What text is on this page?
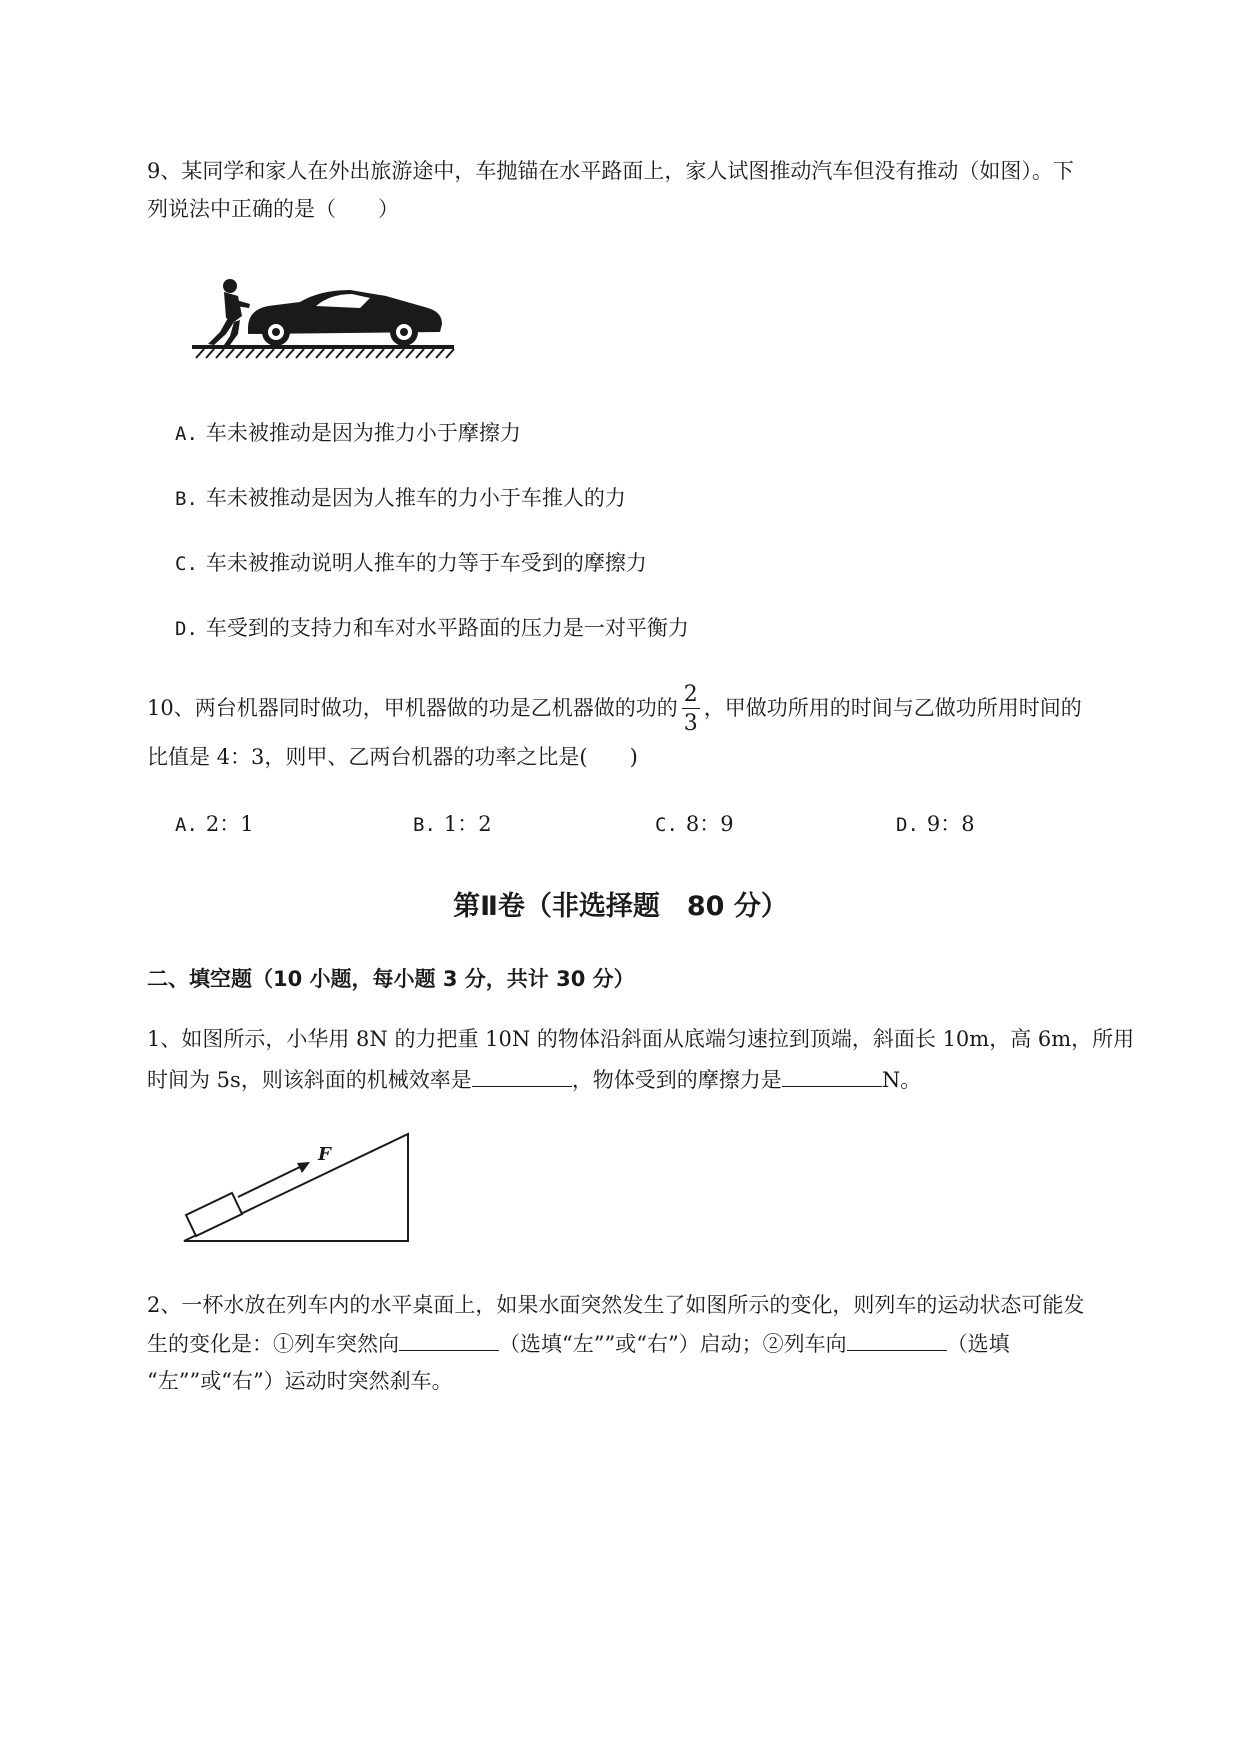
9、某同学和家人在外出旅游途中，车抛锚在水平路面上，家人试图推动汽车但没有推动（如图）。下
列说法中正确的是（　　）
A. 车未被推动是因为推力小于摩擦力
B. 车未被推动是因为人推车的力小于车推人的力
C. 车未被推动说明人推车的力等于车受到的摩擦力
D. 车受到的支持力和车对水平路面的压力是一对平衡力
10、两台机器同时做功，甲机器做的功是乙机器做的功的 $\frac{2}{3}$ ，甲做功所用的时间与乙做功所用时间的
比值是 4：3，则甲、乙两台机器的功率之比是(　　)
A. 2：1	B. 1：2	C. 8：9	D. 9：8
第Ⅱ卷（非选择题　80 分）
二、填空题（10 小题，每小题 3 分，共计 30 分）
1、如图所示，小华用 8N 的力把重 10N 的物体沿斜面从底端匀速拉到顶端，斜面长 10m，高 6m，所用
时间为 5s，则该斜面的机械效率是	，物体受到的摩擦力是	N。
F
2、一杯水放在列车内的水平桌面上，如果水面突然发生了如图所示的变化，则列车的运动状态可能发
生的变化是：①列车突然向	（选填“左””或“右”）启动；②列车向	（选填
“左””或“右”）运动时突然刹车。
